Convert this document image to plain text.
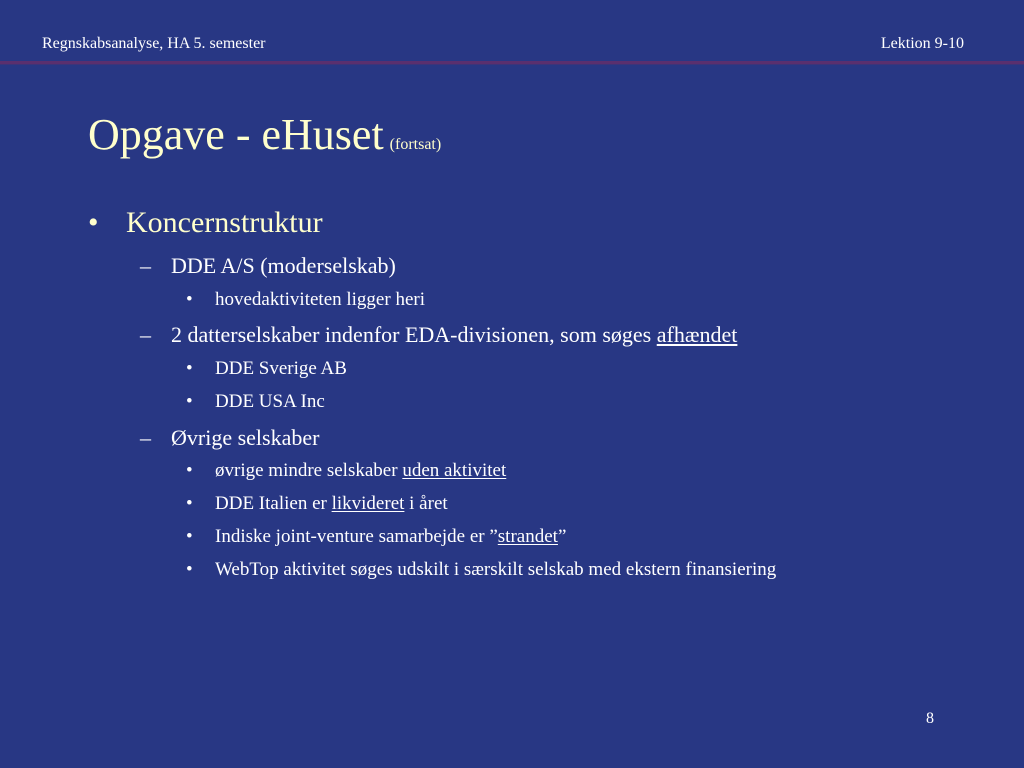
Regnskabsanalyse, HA 5. semester	Lektion 9-10
Opgave - eHuset (fortsat)
• Koncernstruktur
– DDE A/S (moderselskab)
• hovedaktiviteten ligger heri
– 2 datterselskaber indenfor EDA-divisionen, som søges afhændet
• DDE Sverige AB
• DDE USA Inc
– Øvrige selskaber
• øvrige mindre selskaber uden aktivitet
• DDE Italien er likvideret i året
• Indiske joint-venture samarbejde er ”strandet”
• WebTop aktivitet søges udskilt i særskilt selskab med ekstern finansiering
8
